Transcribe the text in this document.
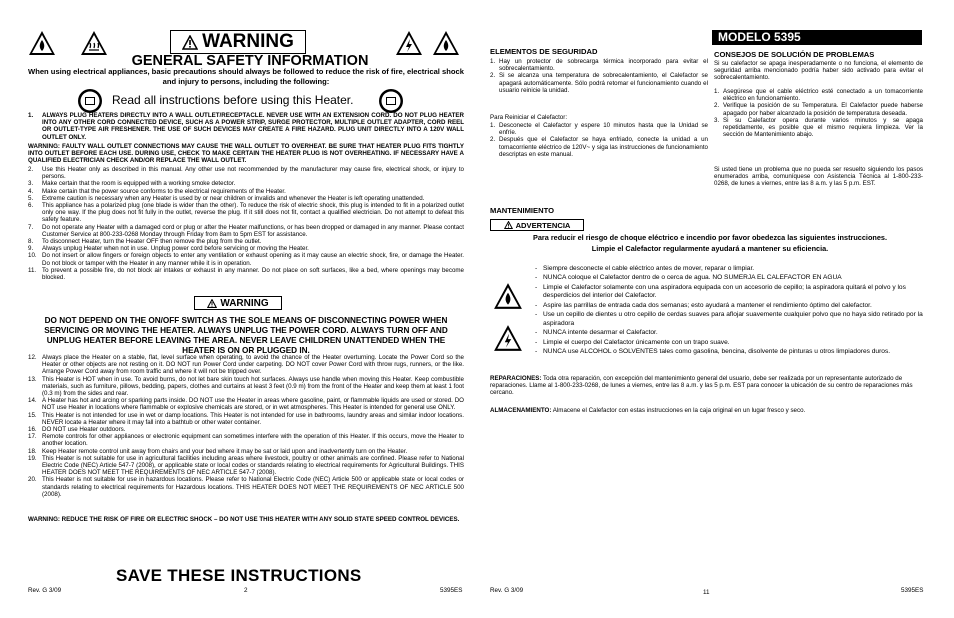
WARNING
GENERAL SAFETY INFORMATION
When using electrical appliances, basic precautions should always be followed to reduce the risk of fire, electrical shock and injury to persons, including the following:
Read all instructions before using this Heater.
1.	ALWAYS PLUG HEATERS DIRECTLY INTO A WALL OUTLET/RECEPTACLE. NEVER USE WITH AN EXTENSION CORD. DO NOT PLUG HEATER INTO ANY OTHER CORD CONNECTED DEVICE, SUCH AS A POWER STRIP, SURGE PROTECTOR, MULTIPLE OUTLET ADAPTER, CORD REEL OR OUTLET-TYPE AIR FRESHENER. THE USE OF SUCH DEVICES MAY CREATE A FIRE HAZARD. PLUG UNIT DIRECTLY INTO A 120V WALL OUTLET ONLY.
WARNING: FAULTY WALL OUTLET CONNECTIONS MAY CAUSE THE WALL OUTLET TO OVERHEAT. BE SURE THAT HEATER PLUG FITS TIGHTLY INTO OUTLET BEFORE EACH USE. DURING USE, CHECK TO MAKE CERTAIN THE HEATER PLUG IS NOT OVERHEATING. IF NECESSARY HAVE A QUALIFIED ELECTRICIAN CHECK AND/OR REPLACE THE WALL OUTLET.
2.	Use this Heater only as described in this manual. Any other use not recommended by the manufacturer may cause fire, electrical shock, or injury to persons.
3.	Make certain that the room is equipped with a working smoke detector.
4.	Make certain that the power source conforms to the electrical requirements of the Heater.
5.	Extreme caution is necessary when any Heater is used by or near children or invalids and whenever the Heater is left operating unattended.
6.	This appliance has a polarized plug (one blade is wider than the other). To reduce the risk of electric shock, this plug is intended to fit in a polarized outlet only one way. If the plug does not fit fully in the outlet, reverse the plug. If it still does not fit, contact a qualified electrician. Do not attempt to defeat this safety feature.
7.	Do not operate any Heater with a damaged cord or plug or after the Heater malfunctions, or has been dropped or damaged in any manner. Please contact Customer Service at 800-233-0268 Monday through Friday from 8am to 5pm EST for assistance.
8.	To disconnect Heater, turn the Heater OFF then remove the plug from the outlet.
9.	Always unplug Heater when not in use. Unplug power cord before servicing or moving the Heater.
10. Do not insert or allow fingers or foreign objects to enter any ventilation or exhaust opening as it may cause an electric shock, fire, or damage the Heater. Do not block or tamper with the Heater in any manner while it is in operation.
11. To prevent a possible fire, do not block air intakes or exhaust in any manner. Do not place on soft surfaces, like a bed, where openings may become blocked.
WARNING
DO NOT DEPEND ON THE ON/OFF SWITCH AS THE SOLE MEANS OF DISCONNECTING POWER WHEN SERVICING OR MOVING THE HEATER. ALWAYS UNPLUG THE POWER CORD. ALWAYS TURN OFF AND UNPLUG HEATER BEFORE LEAVING THE AREA. NEVER LEAVE CHILDREN UNATTENDED WHEN THE HEATER IS ON OR PLUGGED IN.
12. Always place the Heater on a stable, flat, level surface when operating, to avoid the chance of the Heater overturning. Locate the Power Cord so the Heater or other objects are not resting on it. DO NOT run Power Cord under carpeting. DO NOT cover Power Cord with throw rugs, runners, or the like. Arrange Power Cord away from room traffic and where it will not be tripped over.
13. This Heater is HOT when in use. To avoid burns, do not let bare skin touch hot surfaces. Always use handle when moving this Heater. Keep combustible materials, such as furniture, pillows, bedding, papers, clothes and curtains at least 3 feet (0.9 m) from the front of the Heater and keep them at least 1 foot (0.3 m) from the sides and rear.
14. A Heater has hot and arcing or sparking parts inside. DO NOT use the Heater in areas where gasoline, paint, or flammable liquids are used or stored. DO NOT use Heater in locations where flammable or explosive chemicals are stored, or in wet atmospheres. This Heater is intended for general use ONLY.
15. This Heater is not intended for use in wet or damp locations. This Heater is not intended for use in bathrooms, laundry areas and similar indoor locations. NEVER locate a Heater where it may fall into a bathtub or other water container.
16. DO NOT use Heater outdoors.
17. Remote controls for other appliances or electronic equipment can sometimes interfere with the operation of this Heater. If this occurs, move the Heater to another location.
18. Keep Heater remote control unit away from chairs and your bed where it may be sat or laid upon and inadvertently turn on the Heater.
19. This Heater is not suitable for use in agricultural facilities including areas where livestock, poultry or other animals are confined. Please refer to National Electric Code (NEC) Article 547-7 (2008), or applicable state or local codes or standards relating to electrical requirements for Agricultural Buildings. THIS HEATER DOES NOT MEET THE REQUIREMENTS OF NEC ARTICLE 547-7 (2008).
20. This Heater is not suitable for use in hazardous locations. Please refer to National Electric Code (NEC) Article 500 or applicable state or local codes or standards relating to electrical requirements for Hazardous locations. THIS HEATER DOES NOT MEET THE REQUIREMENTS OF NEC ARTICLE 500 (2008).
WARNING: REDUCE THE RISK OF FIRE OR ELECTRIC SHOCK – DO NOT USE THIS HEATER WITH ANY SOLID STATE SPEED CONTROL DEVICES.
SAVE THESE INSTRUCTIONS
Rev. G 3/09	2	5395ES
MODELO 5395
ELEMENTOS DE SEGURIDAD
1. Hay un protector de sobrecarga térmica incorporado para evitar el sobrecalentamiento.
2. Si se alcanza una temperatura de sobrecalentamiento, el Calefactor se apagará automáticamente. Sólo podrá retomar el funcionamiento cuando el usuario reinicie la unidad.
Para Reiniciar el Calefactor:
1. Desconecte el Calefactor y espere 10 minutos hasta que la Unidad se enfríe.
2. Después que el Calefactor se haya enfriado, conecte la unidad a un tomacorriente eléctrico de 120V~ y siga las instrucciones de funcionamiento descriptas en este manual.
CONSEJOS DE SOLUCIÓN DE PROBLEMAS
Si su calefactor se apaga inesperadamente o no funciona, el elemento de seguridad arriba mencionado podría haber sido activado para evitar el sobrecalentamiento.
1. Asegúrese que el cable eléctrico esté conectado a un tomacorriente eléctrico en funcionamiento.
2. Verifique la posición de su Temperatura. El Calefactor puede haberse apagado por haber alcanzado la posición de temperatura deseada.
3. Si su Calefactor opera durante varios minutos y se apaga repetidamente, es posible que el mismo requiera limpieza. Ver la sección de Mantenimiento abajo.
Si usted tiene un problema que no pueda ser resuelto siguiendo los pasos enumerados arriba, comuníquese con Asistencia Técnica al 1-800-233-0268, de lunes a viernes, entre las 8 a.m. y las 5 p.m. EST.
MANTENIMIENTO
ADVERTENCIA
Para reducir el riesgo de choque eléctrico e incendio por favor obedezca las siguientes instrucciones.
Limpie el Calefactor regularmente ayudará a mantener su eficiencia.
- Siempre desconecte el cable eléctrico antes de mover, reparar o limpiar.
- NUNCA coloque el Calefactor dentro de o cerca de agua. NO SUMERJA EL CALEFACTOR EN AGUA
- Limpie el Calefactor solamente con una aspiradora equipada con un accesorio de cepillo; la aspiradora quitará el polvo y los desperdicios del interior del Calefactor.
- Aspire las parrillas de entrada cada dos semanas; esto ayudará a mantener el rendimiento óptimo del calefactor.
- Use un cepillo de dientes u otro cepillo de cerdas suaves para aflojar suavemente cualquier polvo que no haya sido retirado por la aspiradora
- NUNCA intente desarmar el Calefactor.
- Limpie el cuerpo del Calefactor únicamente con un trapo suave.
- NUNCA use ALCOHOL o SOLVENTES tales como gasolina, bencina, disolvente de pinturas u otros limpiadores duros.
REPARACIONES: Toda otra reparación, con excepción del mantenimiento general del usuario, debe ser realizada por un representante autorizado de reparaciones. Llame al 1-800-233-0268, de lunes a viernes, entre las 8 a.m. y las 5 p.m. EST para conocer la ubicación de su centro de reparaciones más cercano.
ALMACENAMIENTO: Almacene el Calefactor con estas instrucciones en la caja original en un lugar fresco y seco.
Rev. G 3/09	11	5395ES
